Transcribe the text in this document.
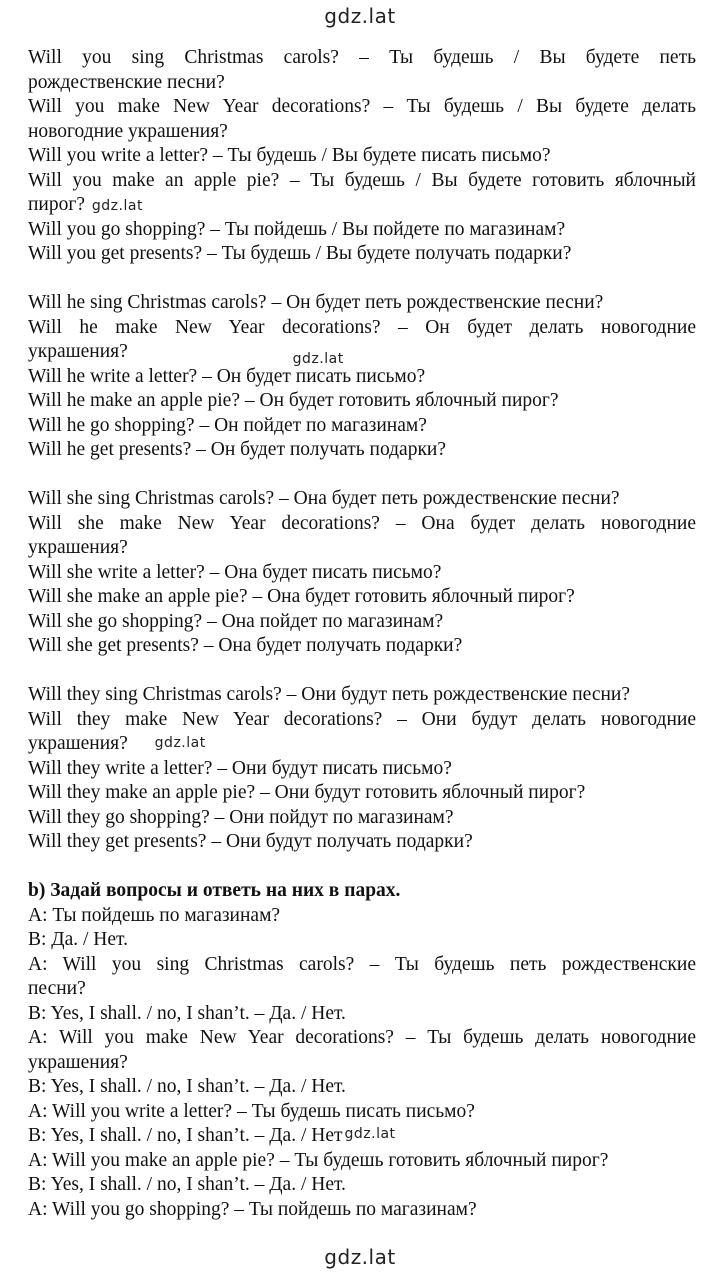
gdz.lat
Will you sing Christmas carols? – Ты будешь / Вы будете петь
рождественские песни?
Will you make New Year decorations? – Ты будешь / Вы будете делать
новогодние украшения?
Will you write a letter? – Ты будешь / Вы будете писать письмо?
Will you make an apple pie? – Ты будешь / Вы будете готовить яблочный
пирог? gdz.lat
Will you go shopping? – Ты пойдешь / Вы пойдете по магазинам?
Will you get presents? – Ты будешь / Вы будете получать подарки?
Will he sing Christmas carols? – Он будет петь рождественские песни?
Will he make New Year decorations? – Он будет делать новогодние
украшения?	$_{gdz.lat}$
Will he write a letter? – Он будет писать письмо?
Will he make an apple pie? – Он будет готовить яблочный пирог?
Will he go shopping? – Он пойдет по магазинам?
Will he get presents? – Он будет получать подарки?
Will she sing Christmas carols? – Она будет петь рождественские песни?
Will she make New Year decorations? – Она будет делать новогодние
украшения?
Will she write a letter? – Она будет писать письмо?
Will she make an apple pie? – Она будет готовить яблочный пирог?
Will she go shopping? – Она пойдет по магазинам?
Will she get presents? – Она будет получать подарки?
Will they sing Christmas carols? – Они будут петь рождественские песни?
Will they make New Year decorations? – Они будут делать новогодние
украшения? gdz.lat
Will they write a letter? – Они будут писать письмо?
Will they make an apple pie? – Они будут готовить яблочный пирог?
Will they go shopping? – Они пойдут по магазинам?
Will they get presents? – Они будут получать подарки?
b) Задай вопросы и ответь на них в парах.
A: Ты пойдешь по магазинам?
B: Да. / Нет.
A: Will you sing Christmas carols? – Ты будешь петь рождественские
песни?
B: Yes, I shall. / no, I shan’t. – Да. / Нет.
A: Will you make New Year decorations? – Ты будешь делать новогодние
украшения?
B: Yes, I shall. / no, I shan’t. – Да. / Нет.
A: Will you write a letter? – Ты будешь писать письмо?
B: Yes, I shall. / no, I shan’t. – Да. / Нет gdz.lat
A: Will you make an apple pie? – Ты будешь готовить яблочный пирог?
B: Yes, I shall. / no, I shan’t. – Да. / Нет.
A: Will you go shopping? – Ты пойдешь по магазинам?
gdz.lat
